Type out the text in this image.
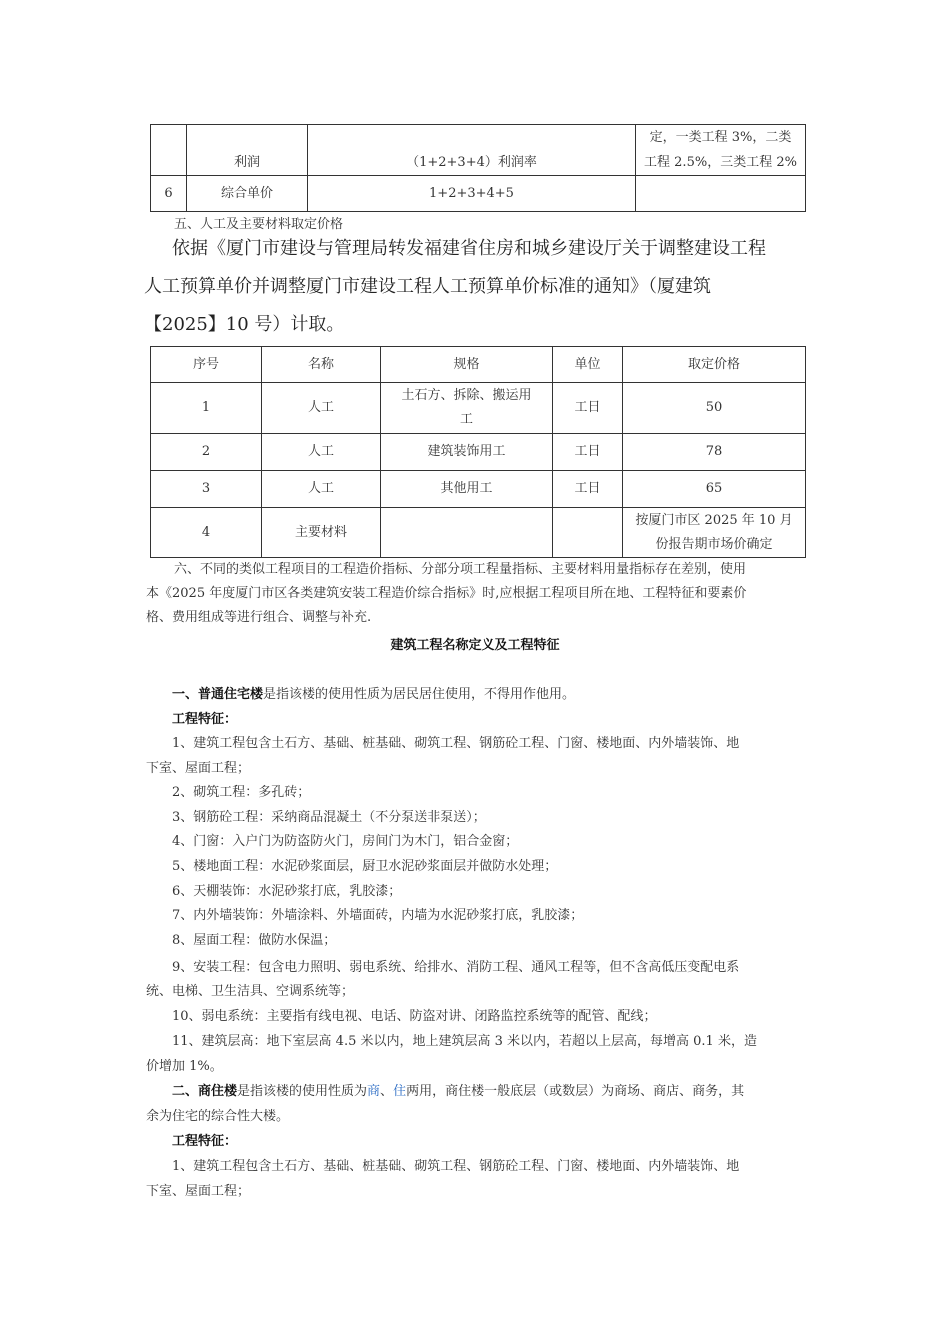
	利润	（1+2+3+4）利润率	定，一类工程 3%，二类
工程 2.5%，三类工程 2%

6	综合单价	1+2+3+4+5	
五、人工及主要材料取定价格
依据《厦门市建设与管理局转发福建省住房和城乡建设厅关于调整建设工程
人工预算单价并调整厦门市建设工程人工预算单价标准的通知》（厦建筑
【2025】10 号）计取。
序号	名称	规格	单位	取定价格
1	人工	土石方、拆除、搬运用
工	工日	50
2	人工	建筑装饰用工	工日	78
3	人工	其他用工	工日	65
4	主要材料			按厦门市区 2025 年 10 月
份报告期市场价确定
六、不同的类似工程项目的工程造价指标、分部分项工程量指标、主要材料用量指标存在差别，使用
本《2025 年度厦门市区各类建筑安装工程造价综合指标》时,应根据工程项目所在地、工程特征和要素价
格、费用组成等进行组合、调整与补充.
建筑工程名称定义及工程特征
一、普通住宅楼是指该楼的使用性质为居民居住使用，不得用作他用。
工程特征：
1、建筑工程包含土石方、基础、桩基础、砌筑工程、钢筋砼工程、门窗、楼地面、内外墙装饰、地
下室、屋面工程；
2、砌筑工程：多孔砖；
3、钢筋砼工程：采纳商品混凝土（不分泵送非泵送）；
4、门窗：入户门为防盗防火门，房间门为木门，铝合金窗；
5、楼地面工程：水泥砂浆面层，厨卫水泥砂浆面层并做防水处理；
6、天棚装饰：水泥砂浆打底，乳胶漆；
7、内外墙装饰：外墙涂料、外墙面砖，内墙为水泥砂浆打底，乳胶漆；
8、屋面工程：做防水保温；
9、安装工程：包含电力照明、弱电系统、给排水、消防工程、通风工程等，但不含高低压变配电系
统、电梯、卫生洁具、空调系统等；
10、弱电系统：主要指有线电视、电话、防盗对讲、闭路监控系统等的配管、配线；
11、建筑层高：地下室层高 4.5 米以内，地上建筑层高 3 米以内，若超以上层高，每增高 0.1 米，造
价增加 1%。
二、商住楼是指该楼的使用性质为商、住两用，商住楼一般底层（或数层）为商场、商店、商务，其
余为住宅的综合性大楼。
工程特征：
1、建筑工程包含土石方、基础、桩基础、砌筑工程、钢筋砼工程、门窗、楼地面、内外墙装饰、地
下室、屋面工程；
